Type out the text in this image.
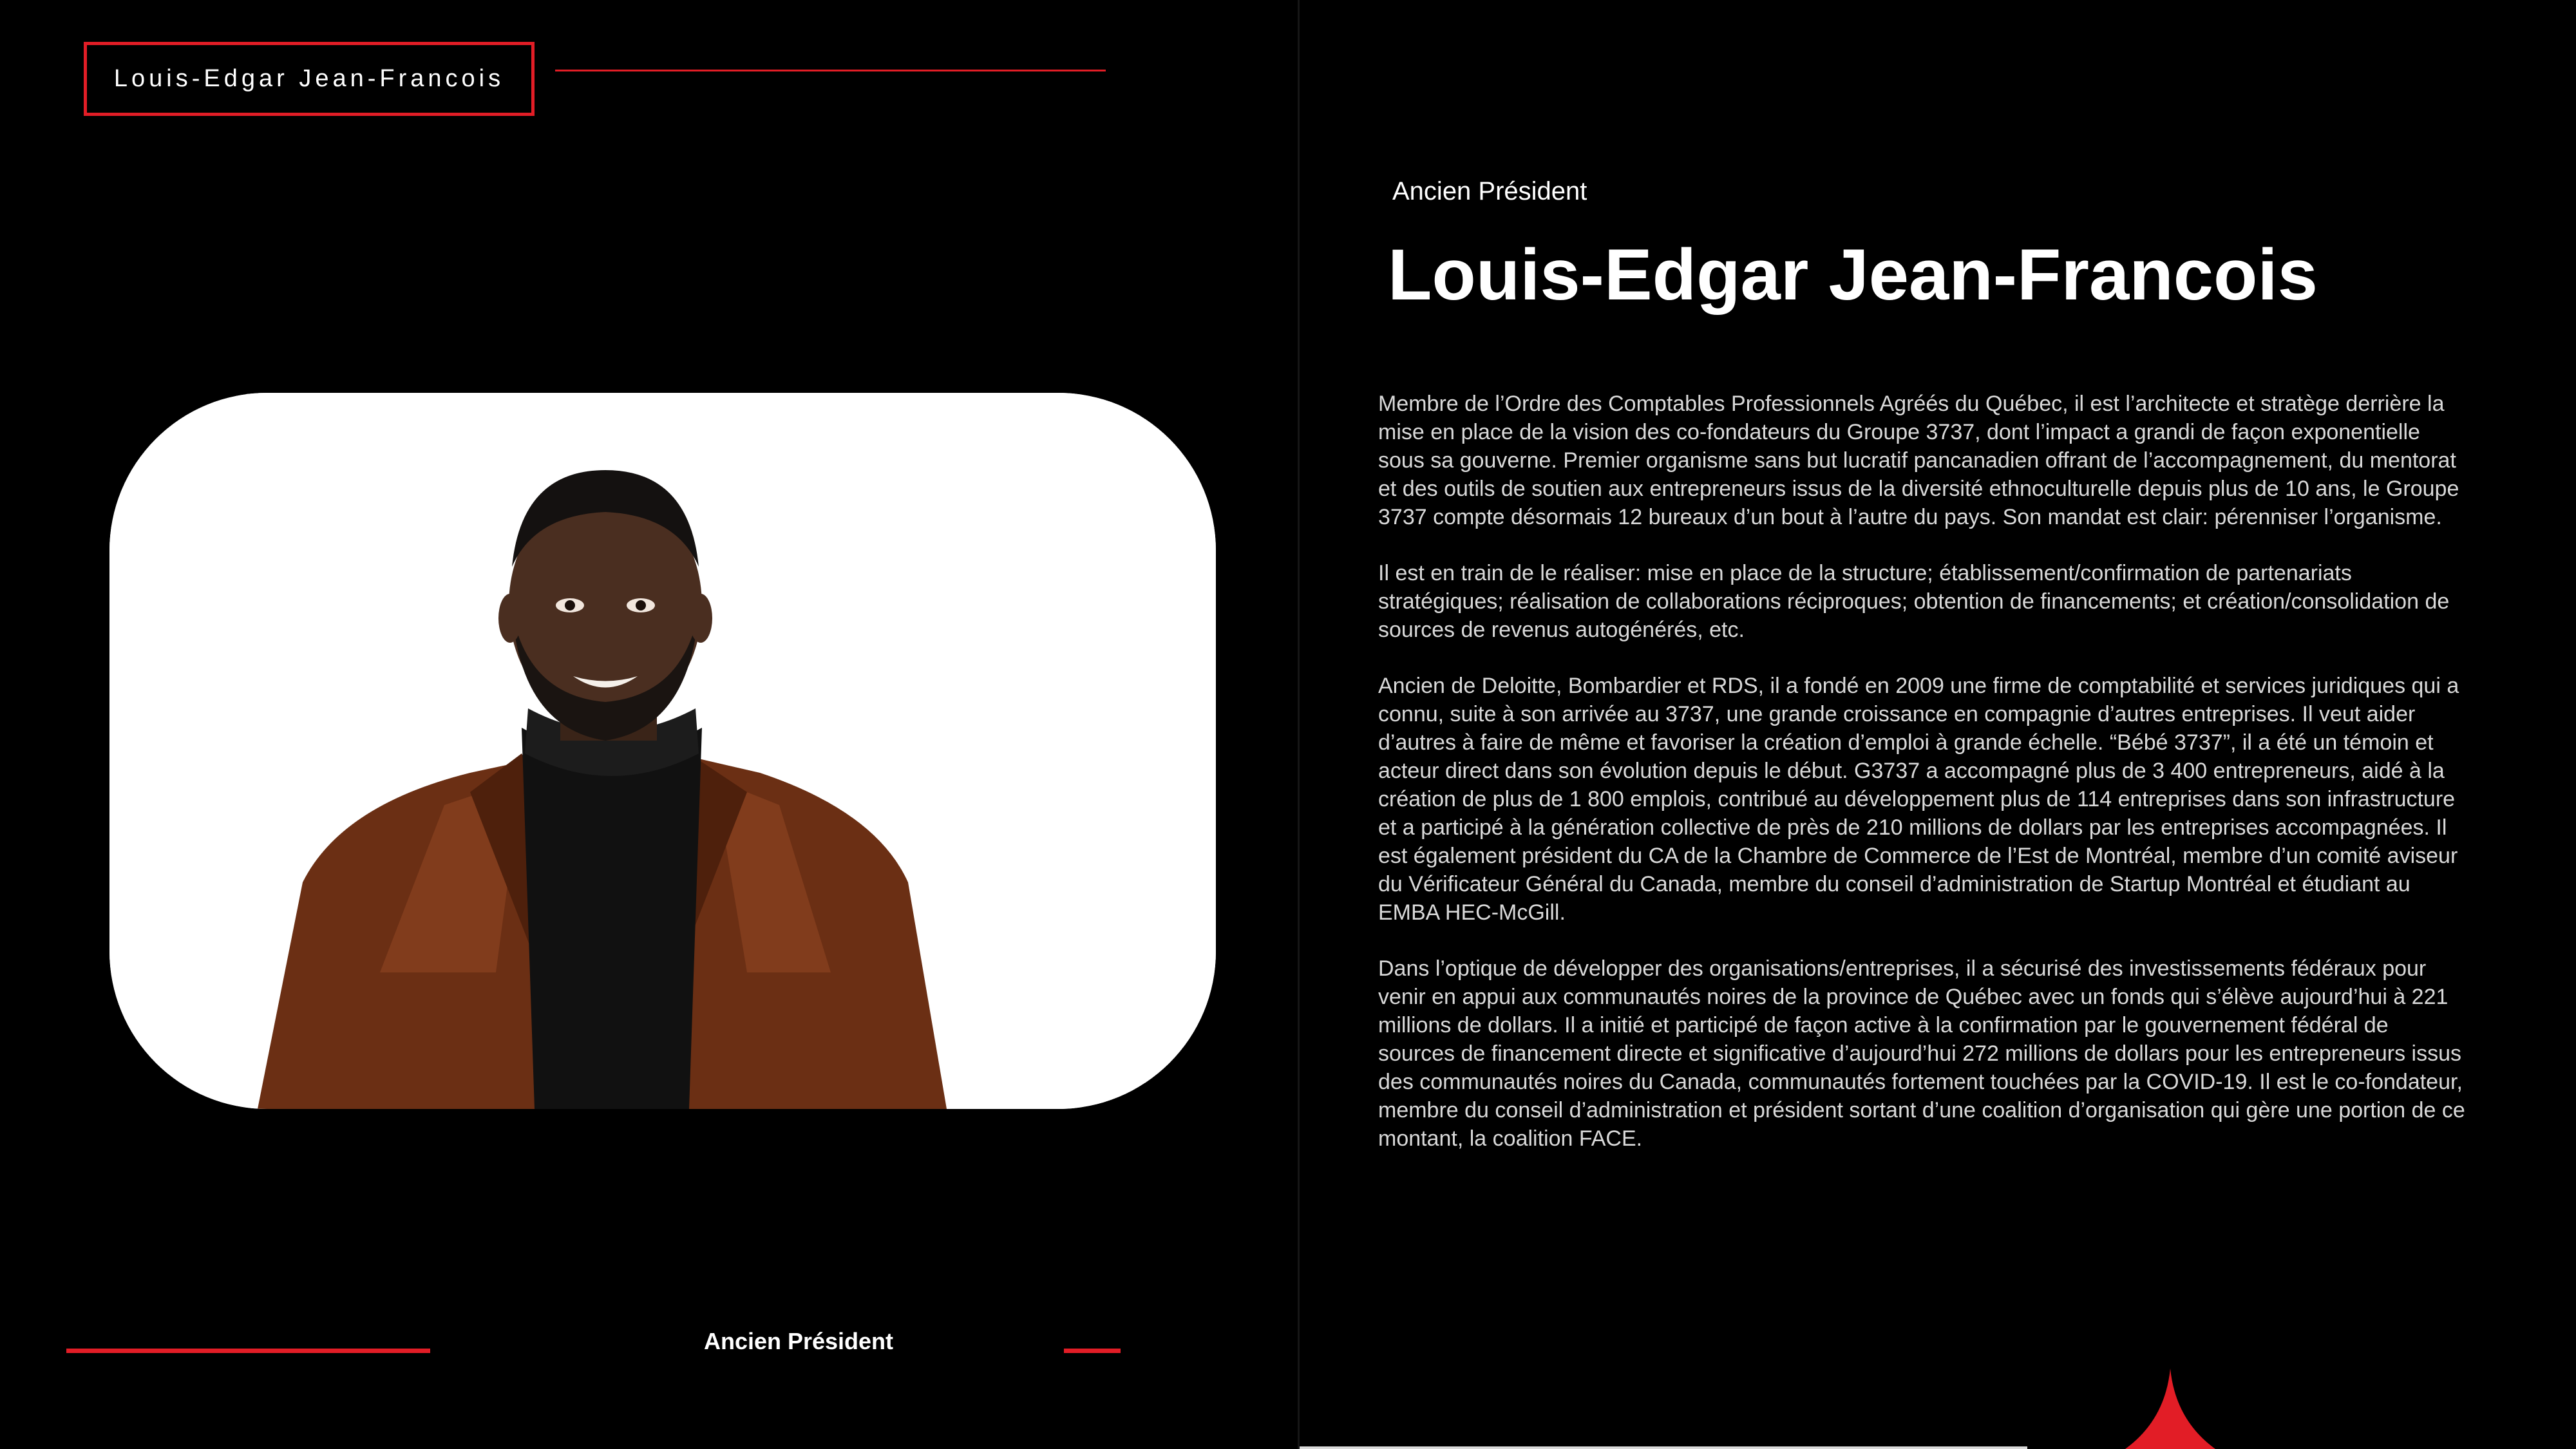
Louis-Edgar Jean-Francois
Ancien Président
Ancien Président
Louis-Edgar Jean-Francois

Membre de l’Ordre des Comptables Professionnels Agréés du Québec, il est l’architecte et stratège derrière la mise en place de la vision des co-fondateurs du Groupe 3737, dont l’impact a grandi de façon exponentielle sous sa gouverne. Premier organisme sans but lucratif pancanadien offrant de l’accompagnement, du mentorat et des outils de soutien aux entrepreneurs issus de la diversité ethnoculturelle depuis plus de 10 ans, le Groupe 3737 compte désormais 12 bureaux d’un bout à l’autre du pays. Son mandat est clair: pérenniser l’organisme.

Il est en train de le réaliser: mise en place de la structure; établissement/confirmation de partenariats stratégiques; réalisation de collaborations réciproques; obtention de financements; et création/consolidation de sources de revenus autogénérés, etc.

Ancien de Deloitte, Bombardier et RDS, il a fondé en 2009 une firme de comptabilité et services juridiques qui a connu, suite à son arrivée au 3737, une grande croissance en compagnie d’autres entreprises. Il veut aider d’autres à faire de même et favoriser la création d’emploi à grande échelle. “Bébé 3737”, il a été un témoin et acteur direct dans son évolution depuis le début. G3737 a accompagné plus de 3 400 entrepreneurs, aidé à la création de plus de 1 800 emplois, contribué au développement plus de 114 entreprises dans son infrastructure et a participé à la génération collective de près de 210 millions de dollars par les entreprises accompagnées. Il est également président du CA de la Chambre de Commerce de l’Est de Montréal, membre d’un comité aviseur du Vérificateur Général du Canada, membre du conseil d’administration de Startup Montréal et étudiant au EMBA HEC-McGill.

Dans l’optique de développer des organisations/entreprises, il a sécurisé des investissements fédéraux pour venir en appui aux communautés noires de la province de Québec avec un fonds qui s’élève aujourd’hui à 221 millions de dollars. Il a initié et participé de façon active à la confirmation par le gouvernement fédéral de sources de financement directe et significative d’aujourd’hui 272 millions de dollars pour les entrepreneurs issus des communautés noires du Canada, communautés fortement touchées par la COVID-19. Il est le co-fondateur, membre du conseil d’administration et président sortant d’une coalition d’organisation qui gère une portion de ce montant, la coalition FACE.
